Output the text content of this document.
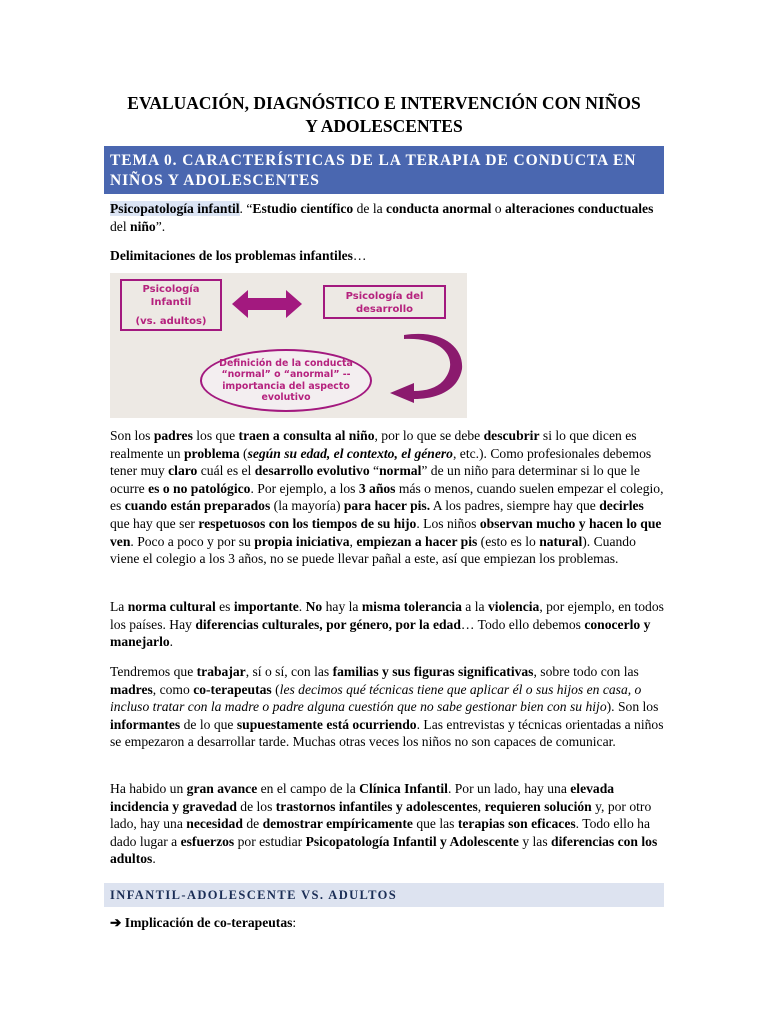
EVALUACIÓN, DIAGNÓSTICO E INTERVENCIÓN CON NIÑOS
Y ADOLESCENTES
TEMA 0. CARACTERÍSTICAS DE LA TERAPIA DE CONDUCTA EN
NIÑOS Y ADOLESCENTES
Psicopatología infantil. “Estudio científico de la conducta anormal o alteraciones conductuales del niño”.
Delimitaciones de los problemas infantiles…
Psicología
Infantil
(vs. adultos)
Psicología del
desarrollo
Definición de la conducta
“normal” o “anormal” --
importancia del aspecto
evolutivo
Son los padres los que traen a consulta al niño, por lo que se debe descubrir si lo que dicen es realmente un problema (según su edad, el contexto, el género, etc.). Como profesionales debemos tener muy claro cuál es el desarrollo evolutivo “normal” de un niño para determinar si lo que le ocurre es o no patológico. Por ejemplo, a los 3 años más o menos, cuando suelen empezar el colegio, es cuando están preparados (la mayoría) para hacer pis. A los padres, siempre hay que decirles que hay que ser respetuosos con los tiempos de su hijo. Los niños observan mucho y hacen lo que ven. Poco a poco y por su propia iniciativa, empiezan a hacer pis (esto es lo natural). Cuando viene el colegio a los 3 años, no se puede llevar pañal a este, así que empiezan los problemas.
La norma cultural es importante. No hay la misma tolerancia a la violencia, por ejemplo, en todos los países. Hay diferencias culturales, por género, por la edad… Todo ello debemos conocerlo y manejarlo.
Tendremos que trabajar, sí o sí, con las familias y sus figuras significativas, sobre todo con las madres, como co-terapeutas (les decimos qué técnicas tiene que aplicar él o sus hijos en casa, o incluso tratar con la madre o padre alguna cuestión que no sabe gestionar bien con su hijo). Son los informantes de lo que supuestamente está ocurriendo. Las entrevistas y técnicas orientadas a niños se empezaron a desarrollar tarde. Muchas otras veces los niños no son capaces de comunicar.
Ha habido un gran avance en el campo de la Clínica Infantil. Por un lado, hay una elevada incidencia y gravedad de los trastornos infantiles y adolescentes, requieren solución y, por otro lado, hay una necesidad de demostrar empíricamente que las terapias son eficaces. Todo ello ha dado lugar a esfuerzos por estudiar Psicopatología Infantil y Adolescente y las diferencias con los adultos.
INFANTIL-ADOLESCENTE VS. ADULTOS
➔ Implicación de co-terapeutas:
